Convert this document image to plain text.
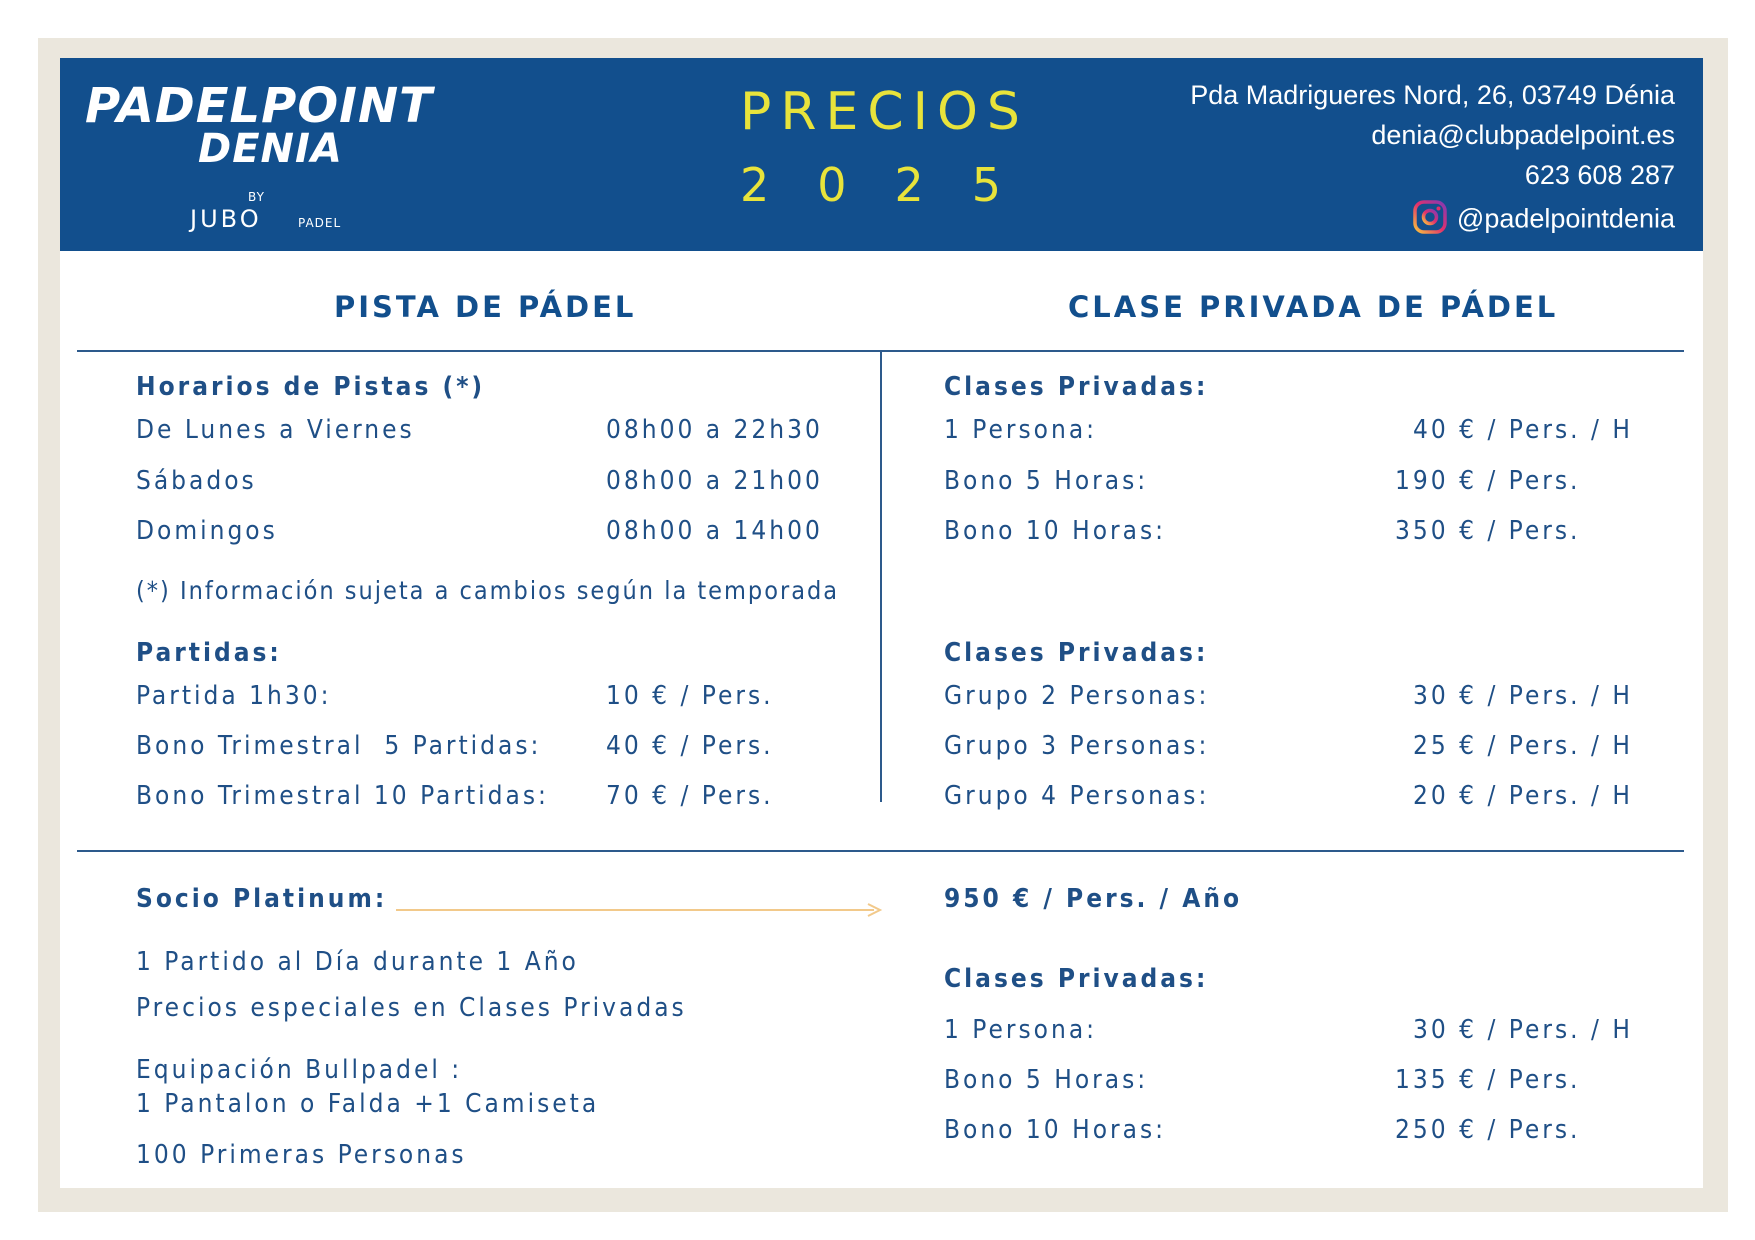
PADELPOINT
DENIA
BY
JUBO	PADEL
PRECIOS
2025
Pda Madrigueres Nord, 26, 03749 Dénia
denia@clubpadelpoint.es
623 608 287
@padelpointdenia
PISTA DE PÁDEL	CLASE PRIVADA DE PÁDEL
Horarios de Pistas (*)
De Lunes a Viernes	08h00 a 22h30
Sábados	08h00 a 21h00
Domingos	08h00 a 14h00
(*) Información sujeta a cambios según la temporada
Partidas:
Partida 1h30:	10 € / Pers.
Bono Trimestral  5 Partidas: 40 € / Pers.
Bono Trimestral 10 Partidas: 70 € / Pers.
Clases Privadas:
1 Persona:	40 € / Pers. / H
Bono 5 Horas:	190 € / Pers.
Bono 10 Horas:	350 € / Pers.
Clases Privadas:
Grupo 2 Personas:	30 € / Pers. / H
Grupo 3 Personas:	25 € / Pers. / H
Grupo 4 Personas:	20 € / Pers. / H
Socio Platinum:	950 € / Pers. / Año
1 Partido al Día durante 1 Año
Precios especiales en Clases Privadas
Equipación Bullpadel :
1 Pantalon o Falda +1 Camiseta
100 Primeras Personas
Clases Privadas:
1 Persona:	30 € / Pers. / H
Bono 5 Horas:	135 € / Pers.
Bono 10 Horas:	250 € / Pers.
